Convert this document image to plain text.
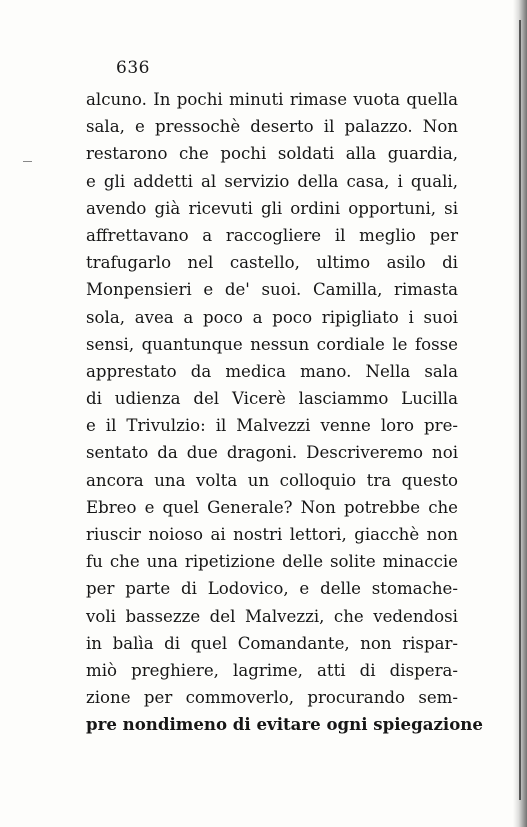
636
alcuno. In pochi minuti rimase vuota quella
sala, e pressochè deserto il palazzo. Non
restarono che pochi soldati alla guardia,
e gli addetti al servizio della casa, i quali,
avendo già ricevuti gli ordini opportuni, si
affrettavano a raccogliere il meglio per
trafugarlo nel castello, ultimo asilo di
Monpensieri e de' suoi. Camilla, rimasta
sola, avea a poco a poco ripigliato i suoi
sensi, quantunque nessun cordiale le fosse
apprestato da medica mano. Nella sala
di udienza del Vicerè lasciammo Lucilla
e il Trivulzio: il Malvezzi venne loro pre-
sentato da due dragoni. Descriveremo noi
ancora una volta un colloquio tra questo
Ebreo e quel Generale? Non potrebbe che
riuscir noioso ai nostri lettori, giacchè non
fu che una ripetizione delle solite minaccie
per parte di Lodovico, e delle stomache-
voli bassezze del Malvezzi, che vedendosi
in balìa di quel Comandante, non rispar-
miò preghiere, lagrime, atti di dispera-
zione per commoverlo, procurando sem-
pre nondimeno di evitare ogni spiegazione
